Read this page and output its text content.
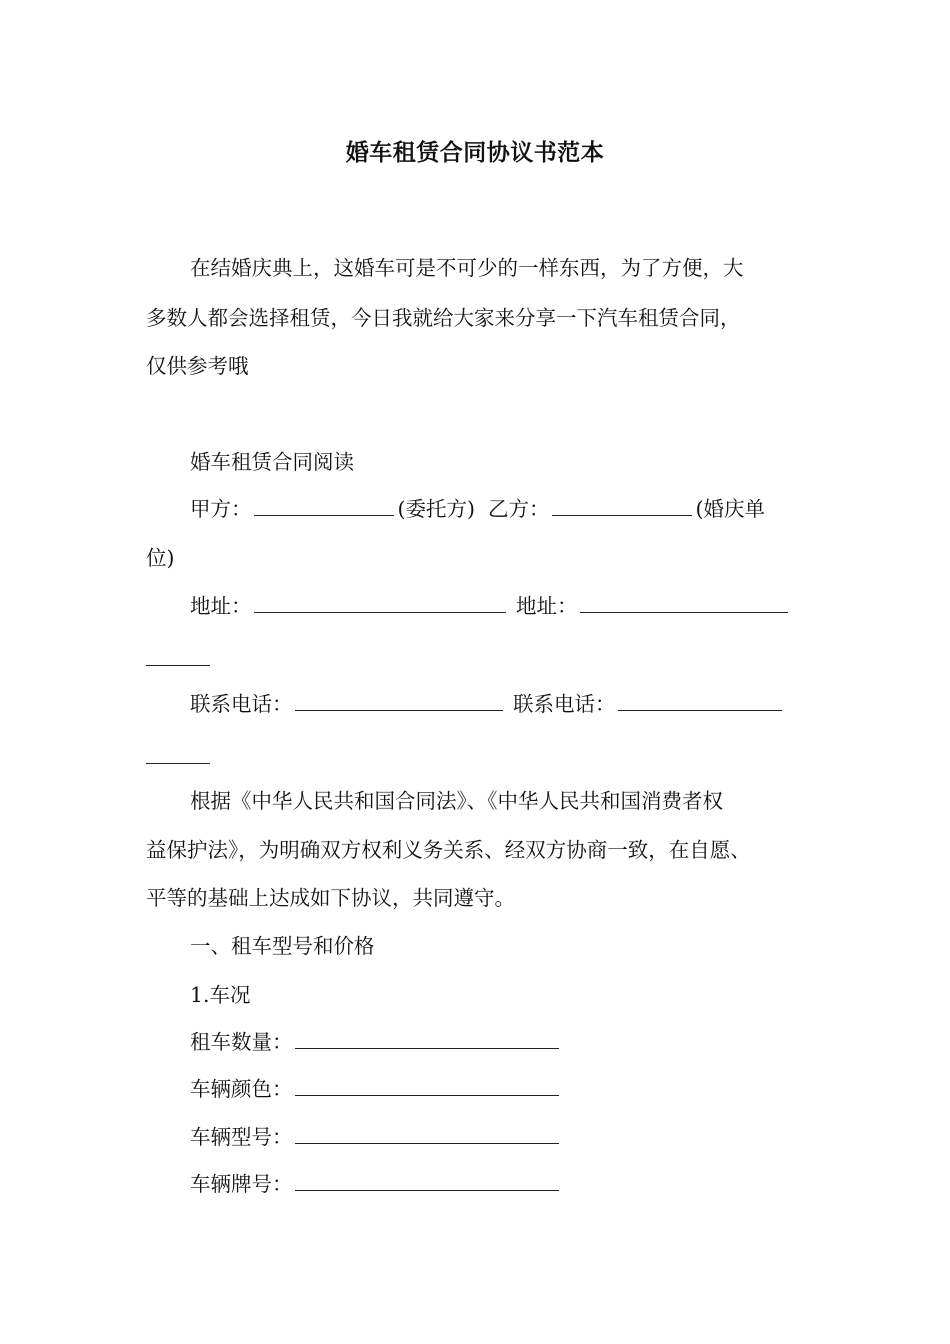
婚车租赁合同协议书范本
在结婚庆典上，这婚车可是不可少的一样东西，为了方便，大
多数人都会选择租赁，今日我就给大家来分享一下汽车租赁合同，
仅供参考哦
婚车租赁合同阅读
甲方：	(委托方) 乙方：	(婚庆单
位)
地址：	地址：
联系电话：	联系电话：
根据《中华人民共和国合同法》、《中华人民共和国消费者权
益保护法》，为明确双方权利义务关系、经双方协商一致，在自愿、
平等的基础上达成如下协议，共同遵守。
一、租车型号和价格
1.车况
租车数量：
车辆颜色：
车辆型号：
车辆牌号：
